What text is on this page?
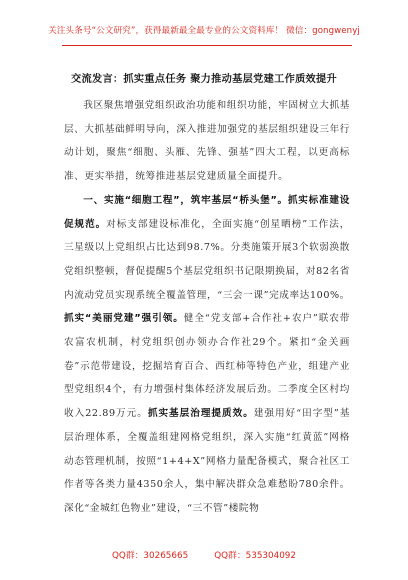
关注头条号“公文研究”，获得最新最全最专业的公文资料库！ 微信：gongwenyj
交流发言：抓实重点任务 聚力推动基层党建工作质效提升

我区聚焦增强党组织政治功能和组织功能，牢固树立大抓基层、大抓基础鲜明导向，深入推进加强党的基层组织建设三年行动计划，聚焦“细胞、头雁、先锋、强基”四大工程，以更高标准、更实举措，统筹推进基层党建质量全面提升。

一、实施“细胞工程”，筑牢基层“桥头堡”。抓实标准建设促规范。对标支部建设标准化，全面实施“创星晒榜”工作法，三星级以上党组织占比达到98.7%。分类施策开展3个软弱涣散党组织整顿，督促提醒5个基层党组织书记限期换届，对82名省内流动党员实现系统全覆盖管理，“三会一课”完成率达100%。抓实“美丽党建”强引领。健全“党支部+合作社+农户”联农带农富农机制，村党组织创办领办合作社29个。紧扣“金关画卷”示范带建设，挖掘培育百合、西红柿等特色产业，组建产业型党组织4个，有力增强村集体经济发展后劲。二季度全区村均收入22.89万元。抓实基层治理提质效。建强用好“田字型”基层治理体系，全覆盖组建网格党组织，深入实施“红黄蓝”网格动态管理机制，按照“1+4+X”网格力量配备模式，聚合社区工作者等各类力量4350余人，集中解决群众急难愁盼780余件。深化“金城红色物业”建设，“三不管”楼院物

QQ群：30265665	QQ群：535304092
